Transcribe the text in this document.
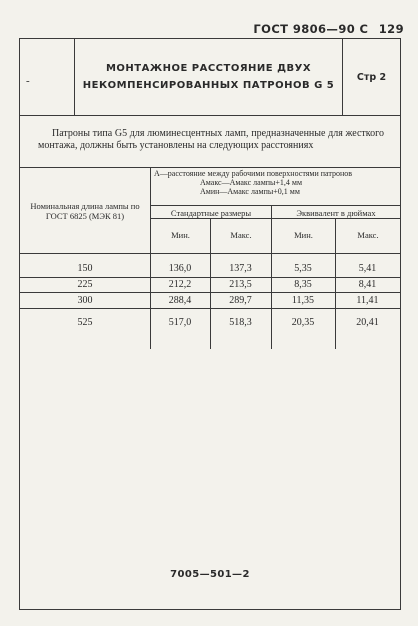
ГОСТ 9806—90 С 129
-
МОНТАЖНОЕ РАССТОЯНИЕ ДВУХ
НЕКОМПЕНСИРОВАННЫХ ПАТРОНОВ G 5
Стр 2
Патроны типа G5 для люминесцентных ламп, предназначенные для жесткого монтажа, должны быть установлены на следующих расстояниях
Номинальная длина лампы по ГОСТ 6825 (МЭК 81)
A—расстояние между рабочими поверхностями патронов
Aмакс—Aмакс лампы+1,4 мм
Aмин—Aмакс лампы+0,1 мм
Стандартные размеры	Эквивалент в дюймах
Мин.	Макс.	Мин.	Макс.
150	136,0	137,3	5,35	5,41
225	212,2	213,5	8,35	8,41
300	288,4	289,7	11,35	11,41
525	517,0	518,3	20,35	20,41
7005—501—2
